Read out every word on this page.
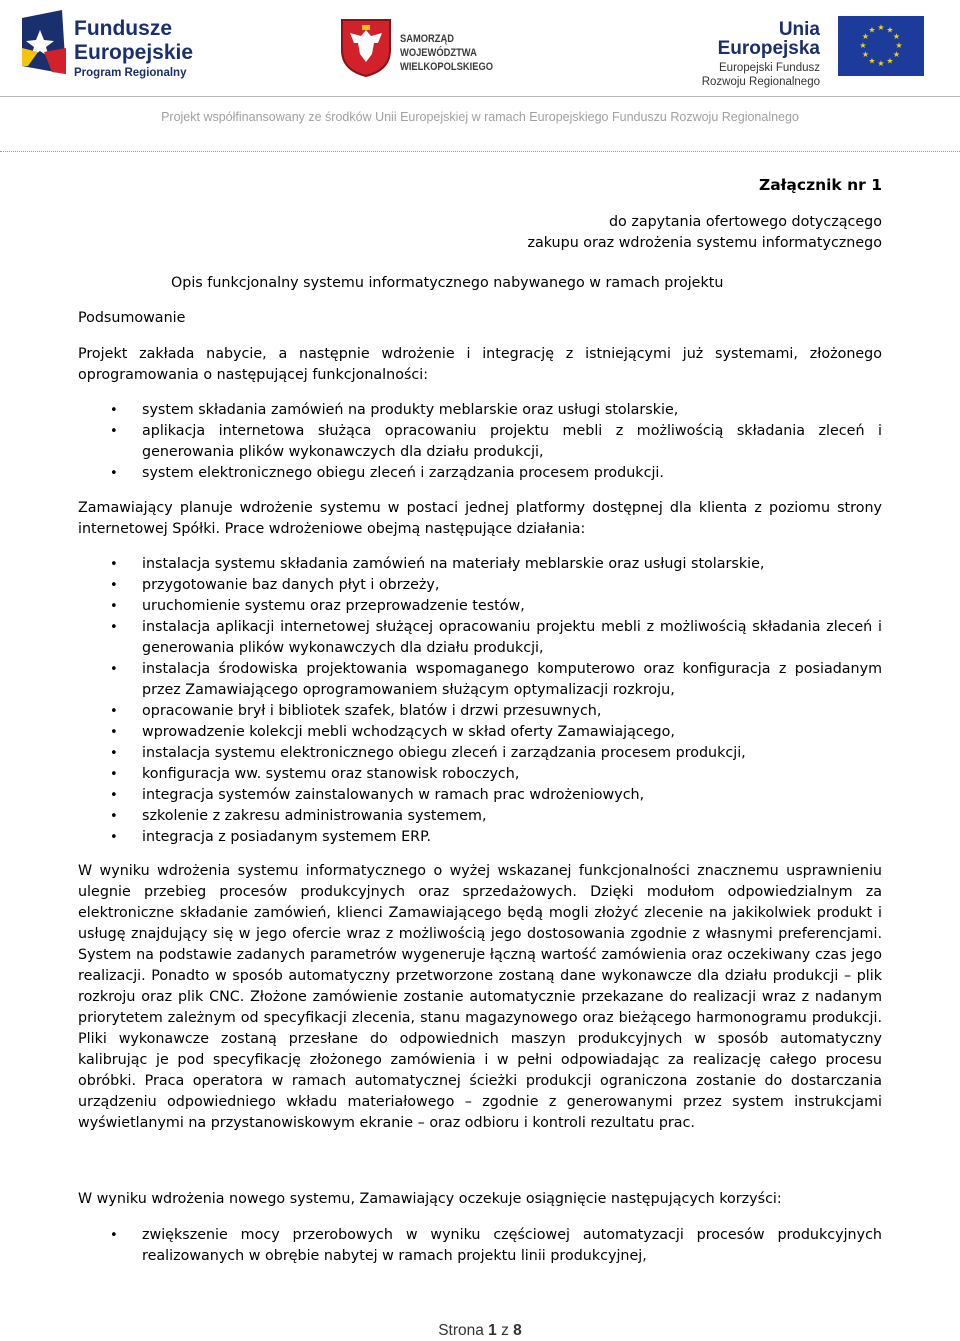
Fundusze
Europejskie
Program Regionalny
SAMORZĄD WOJEWÓDZTWA
WIELKOPOLSKIEGO
Unia Europejska
Europejski Fundusz
Rozwoju Regionalnego
★ ★
★
★
★
★
★
★
★
★
★
★
Projekt współfinansowany ze środków Unii Europejskiej w ramach Europejskiego Funduszu Rozwoju Regionalnego
Załącznik nr 1
do zapytania ofertowego dotyczącego
zakupu oraz wdrożenia systemu informatycznego
Opis funkcjonalny systemu informatycznego nabywanego w ramach projektu
Podsumowanie
Projekt zakłada nabycie, a następnie wdrożenie i integrację z istniejącymi już systemami, złożonego oprogramowania o następującej funkcjonalności:
• system składania zamówień na produkty meblarskie oraz usługi stolarskie,
• aplikacja internetowa służąca opracowaniu projektu mebli z możliwością składania zleceń i generowania plików wykonawczych dla działu produkcji,
• system elektronicznego obiegu zleceń i zarządzania procesem produkcji.
Zamawiający planuje wdrożenie systemu w postaci jednej platformy dostępnej dla klienta z poziomu strony internetowej Spółki. Prace wdrożeniowe obejmą następujące działania:
• instalacja systemu składania zamówień na materiały meblarskie oraz usługi stolarskie,
• przygotowanie baz danych płyt i obrzeży,
• uruchomienie systemu oraz przeprowadzenie testów,
• instalacja aplikacji internetowej służącej opracowaniu projektu mebli z możliwością składania zleceń i generowania plików wykonawczych dla działu produkcji,
• instalacja środowiska projektowania wspomaganego komputerowo oraz konfiguracja z posiadanym przez Zamawiającego oprogramowaniem służącym optymalizacji rozkroju,
• opracowanie brył i bibliotek szafek, blatów i drzwi przesuwnych,
• wprowadzenie kolekcji mebli wchodzących w skład oferty Zamawiającego,
• instalacja systemu elektronicznego obiegu zleceń i zarządzania procesem produkcji,
• konfiguracja ww. systemu oraz stanowisk roboczych,
• integracja systemów zainstalowanych w ramach prac wdrożeniowych,
• szkolenie z zakresu administrowania systemem,
• integracja z posiadanym systemem ERP.
W wyniku wdrożenia systemu informatycznego o wyżej wskazanej funkcjonalności znacznemu usprawnieniu ulegnie przebieg procesów produkcyjnych oraz sprzedażowych. Dzięki modułom odpowiedzialnym za elektroniczne składanie zamówień, klienci Zamawiającego będą mogli złożyć zlecenie na jakikolwiek produkt i usługę znajdujący się w jego ofercie wraz z możliwością jego dostosowania zgodnie z własnymi preferencjami. System na podstawie zadanych parametrów wygeneruje łączną wartość zamówienia oraz oczekiwany czas jego realizacji. Ponadto w sposób automatyczny przetworzone zostaną dane wykonawcze dla działu produkcji – plik rozkroju oraz plik CNC. Złożone zamówienie zostanie automatycznie przekazane do realizacji wraz z nadanym priorytetem zależnym od specyfikacji zlecenia, stanu magazynowego oraz bieżącego harmonogramu produkcji. Pliki wykonawcze zostaną przesłane do odpowiednich maszyn produkcyjnych w sposób automatyczny kalibrując je pod specyfikację złożonego zamówienia i w pełni odpowiadając za realizację całego procesu obróbki. Praca operatora w ramach automatycznej ścieżki produkcji ograniczona zostanie do dostarczania urządzeniu odpowiedniego wkładu materiałowego – zgodnie z generowanymi przez system instrukcjami wyświetlanymi na przystanowiskowym ekranie – oraz odbioru i kontroli rezultatu prac.
W wyniku wdrożenia nowego systemu, Zamawiający oczekuje osiągnięcie następujących korzyści:
• zwiększenie mocy przerobowych w wyniku częściowej automatyzacji procesów produkcyjnych realizowanych w obrębie nabytej w ramach projektu linii produkcyjnej,
Strona 1 z 8
